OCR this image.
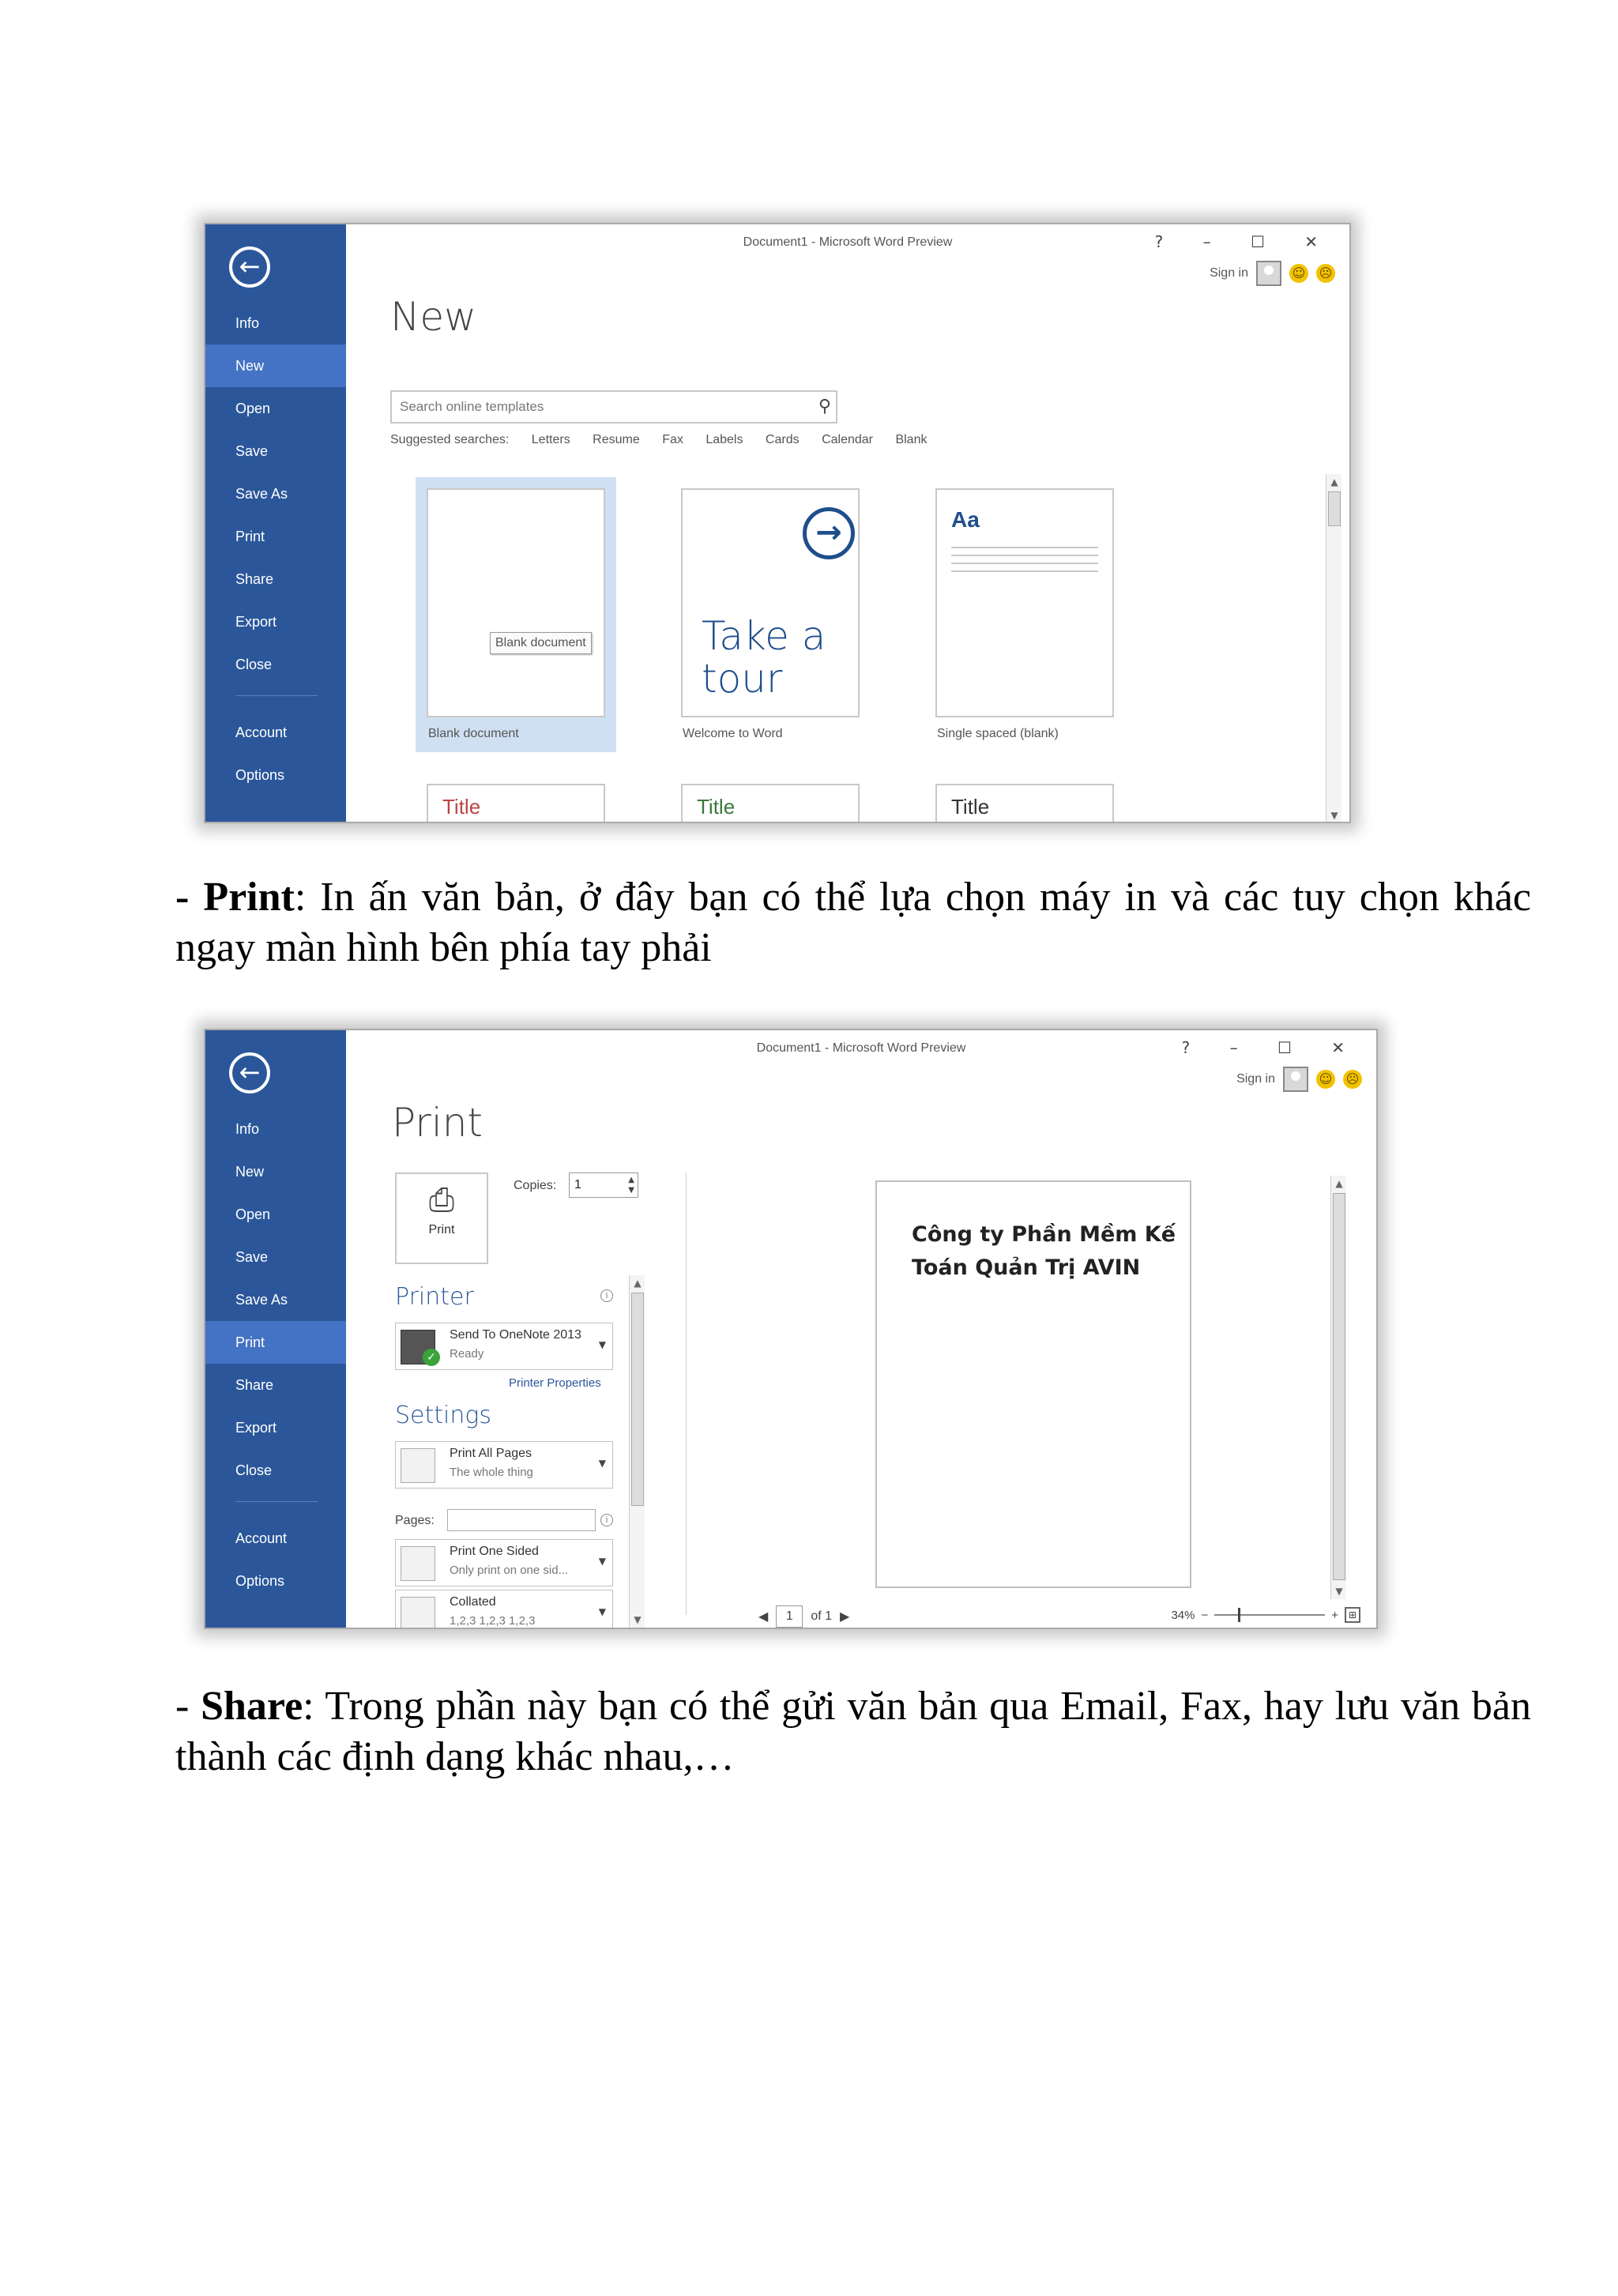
←
Info
New
Open
Save
Save As
Print
Share
Export
Close
Account
Options
Document1 - Microsoft Word Preview	? – ☐ ✕
Sign in	☺ ☹
New
Search online templates	⚲
Suggested searches: Letters Resume Fax Labels Cards Calendar Blank
Blank document
Blank document
→
Take a tour
Welcome to Word
Aa
Single spaced (blank)
Title	Title	Title
▲
▼
- Print: In ấn văn bản, ở đây bạn có thể lựa chọn máy in và các tuy chọn khác ngay màn hình bên phía tay phải
←
Info
New
Open
Save
Save As
Print
Share
Export
Close
Account
Options
Document1 - Microsoft Word Preview	? – ☐ ✕
Sign in	☺ ☹
Print
⎙
Print
Copies:	1	▲
▼
Printer	i
✓
Send To OneNote 2013
Ready
▼
Printer Properties
Settings
Print All Pages
The whole thing
▼
Pages:	i
Print One Sided
Only print on one sid...
▼
Collated
1,2,3 1,2,3 1,2,3
▼
▲
▼
Công ty Phần Mềm Kế Toán Quản Trị AVIN
▲
▼
◀	1	of 1 ▶	34% −	+	⊞
- Share: Trong phần này bạn có thể gửi văn bản qua Email, Fax, hay lưu văn bản thành các định dạng khác nhau,…
